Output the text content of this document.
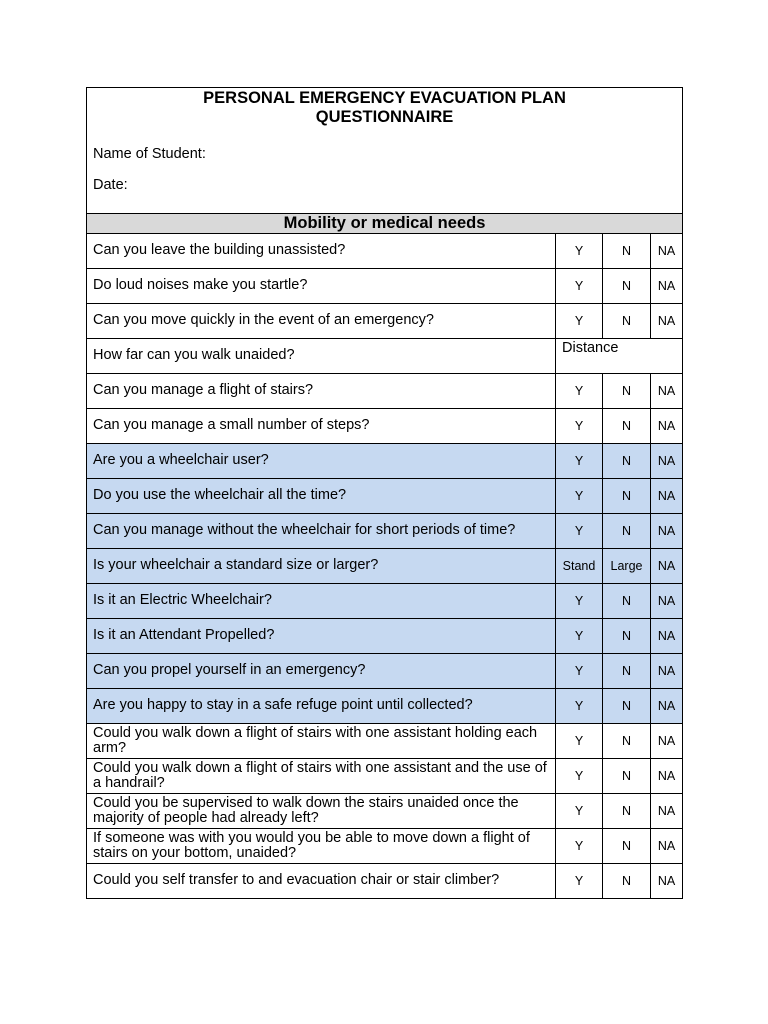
PERSONAL EMERGENCY EVACUATION PLAN
QUESTIONNAIRE
Name of Student:
Date:			

Mobility or medical needs			
Can you leave the building unassisted?	Y	N	NA
Do loud noises make you startle?	Y	N	NA
Can you move quickly in the event of an emergency?	Y	N	NA
How far can you walk unaided?	Distance		
Can you manage a flight of stairs?	Y	N	NA
Can you manage a small number of steps?	Y	N	NA
Are you a wheelchair user?	Y	N	NA
Do you use the wheelchair all the time?	Y	N	NA
Can you manage without the wheelchair for short periods of time?	Y	N	NA
Is your wheelchair a standard size or larger?	Stand	Large	NA
Is it an Electric Wheelchair?	Y	N	NA
Is it an Attendant Propelled?	Y	N	NA
Can you propel yourself in an emergency?	Y	N	NA
Are you happy to stay in a safe refuge point until collected?	Y	N	NA
Could you walk down a flight of stairs with one assistant holding each arm?	Y	N	NA
Could you walk down a flight of stairs with one assistant and the use of a handrail?	Y	N	NA
Could you be supervised to walk down the stairs unaided once the majority of people had already left?	Y	N	NA
If someone was with you would you be able to move down a flight of stairs on your bottom, unaided?	Y	N	NA
Could you self transfer to and evacuation chair or stair climber?	Y	N	NA
